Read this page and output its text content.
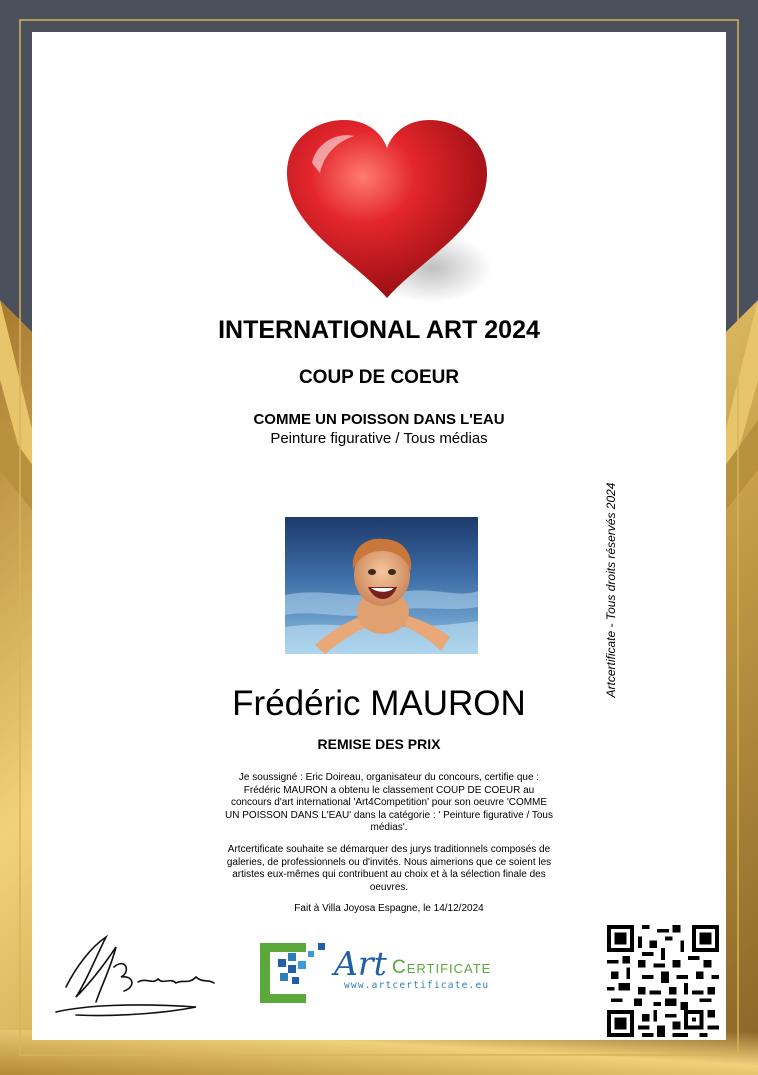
INTERNATIONAL ART 2024
COUP DE COEUR
COMME UN POISSON DANS L'EAU
Peinture figurative / Tous médias
Frédéric MAURON
REMISE DES PRIX
Je soussigné : Eric Doireau, organisateur du concours, certifie que : Frédéric MAURON a obtenu le classement COUP DE COEUR au concours d'art international 'Art4Competition' pour son oeuvre 'COMME UN POISSON DANS L'EAU' dans la catégorie : ' Peinture figurative / Tous médias'.
Artcertificate souhaite se démarquer des jurys traditionnels composés de galeries, de professionnels ou d'invités. Nous aimerions que ce soient les artistes eux-mêmes qui contribuent au choix et à la sélection finale des oeuvres.
Fait à Villa Joyosa Espagne, le 14/12/2024
Art Certificate
www.artcertificate.eu
Artcertificate - Tous droits réservés 2024
